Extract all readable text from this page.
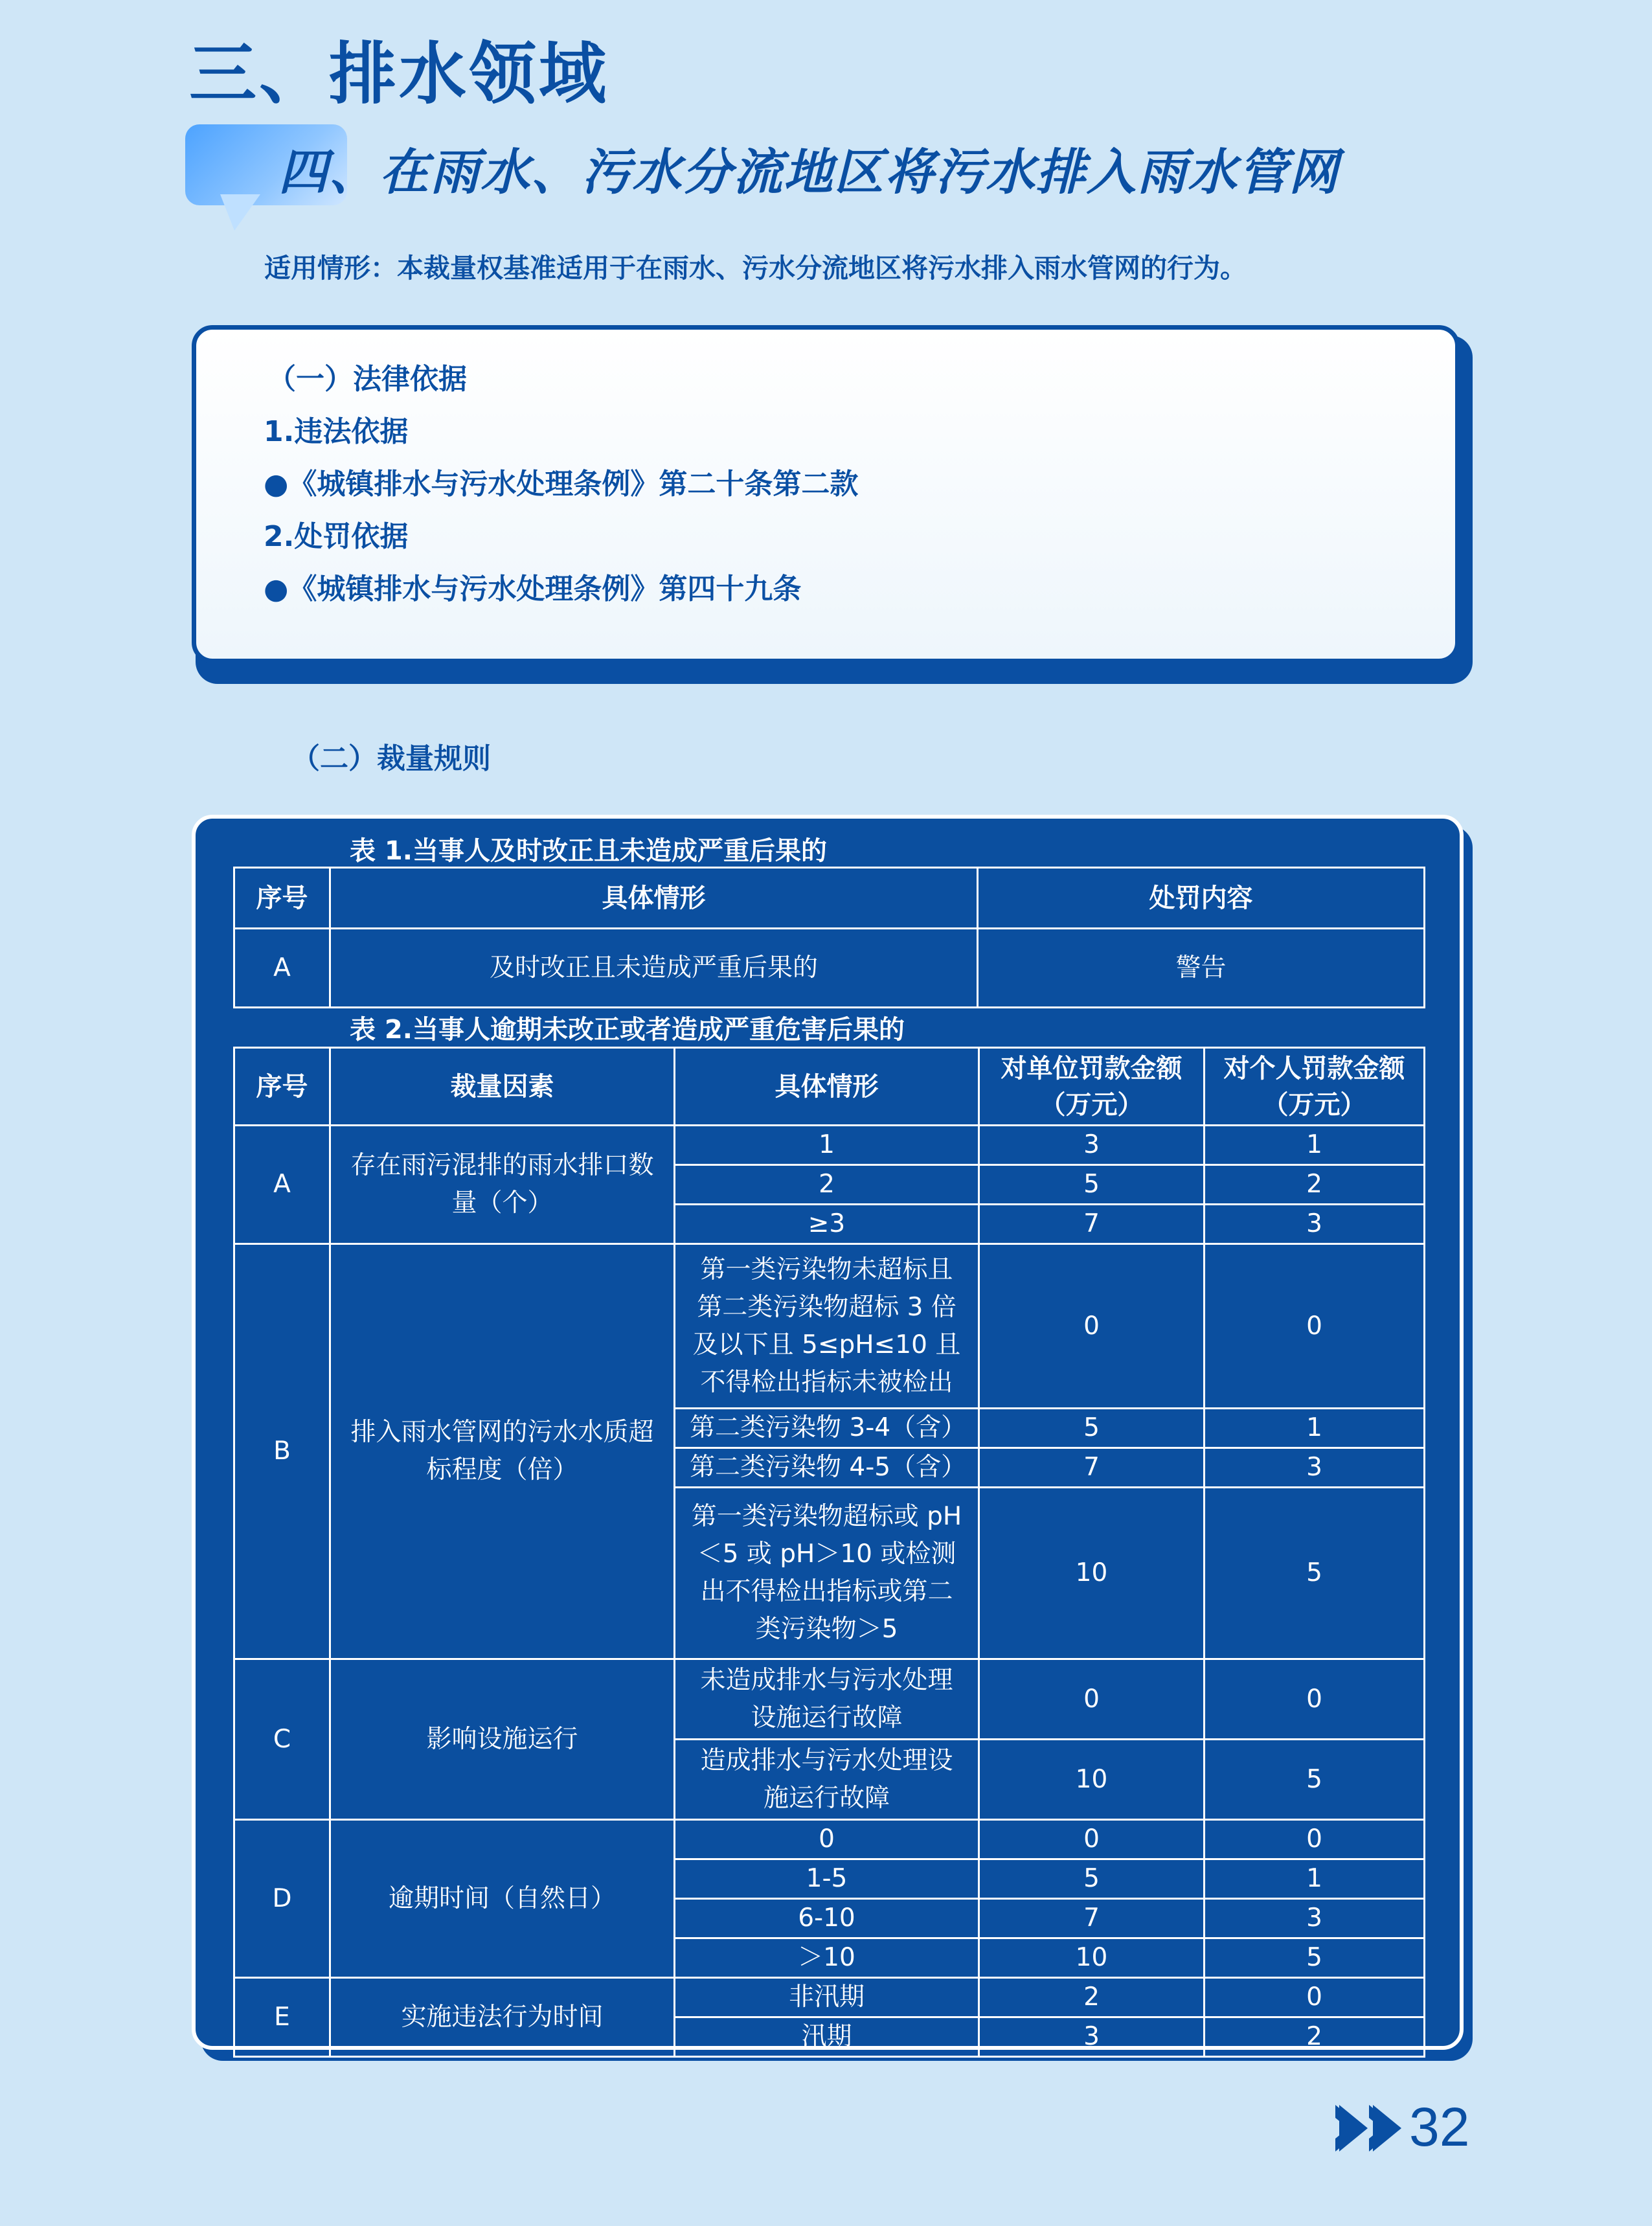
三、排水领域
四、在雨水、污水分流地区将污水排入雨水管网
适用情形：本裁量权基准适用于在雨水、污水分流地区将污水排入雨水管网的行为。
（一）法律依据
1.违法依据
●《城镇排水与污水处理条例》第二十条第二款
2.处罚依据
●《城镇排水与污水处理条例》第四十九条
（二）裁量规则
表 1.当事人及时改正且未造成严重后果的
序号	具体情形	处罚内容
A	及时改正且未造成严重后果的	警告
表 2.当事人逾期未改正或者造成严重危害后果的
序号	裁量因素	具体情形	对单位罚款金额（万元）	对个人罚款金额（万元）
A	存在雨污混排的雨水排口数量（个）	1	3	1
		2	5	2
		≥3	7	3
B	排入雨水管网的污水水质超标程度（倍）	第一类污染物未超标且第二类污染物超标 3 倍及以下且 5≤pH≤10 且不得检出指标未被检出	0	0
		第二类污染物 3-4（含）	5	1
		第二类污染物 4-5（含）	7	3
		第一类污染物超标或 pH＜5 或 pH＞10 或检测出不得检出指标或第二类污染物＞5	10	5
C	影响设施运行	未造成排水与污水处理设施运行故障	0	0
		造成排水与污水处理设施运行故障	10	5
D	逾期时间（自然日）	0	0	0
		1-5	5	1
		6-10	7	3
		＞10	10	5
E	实施违法行为时间	非汛期	2	0
		汛期	3	2
32
